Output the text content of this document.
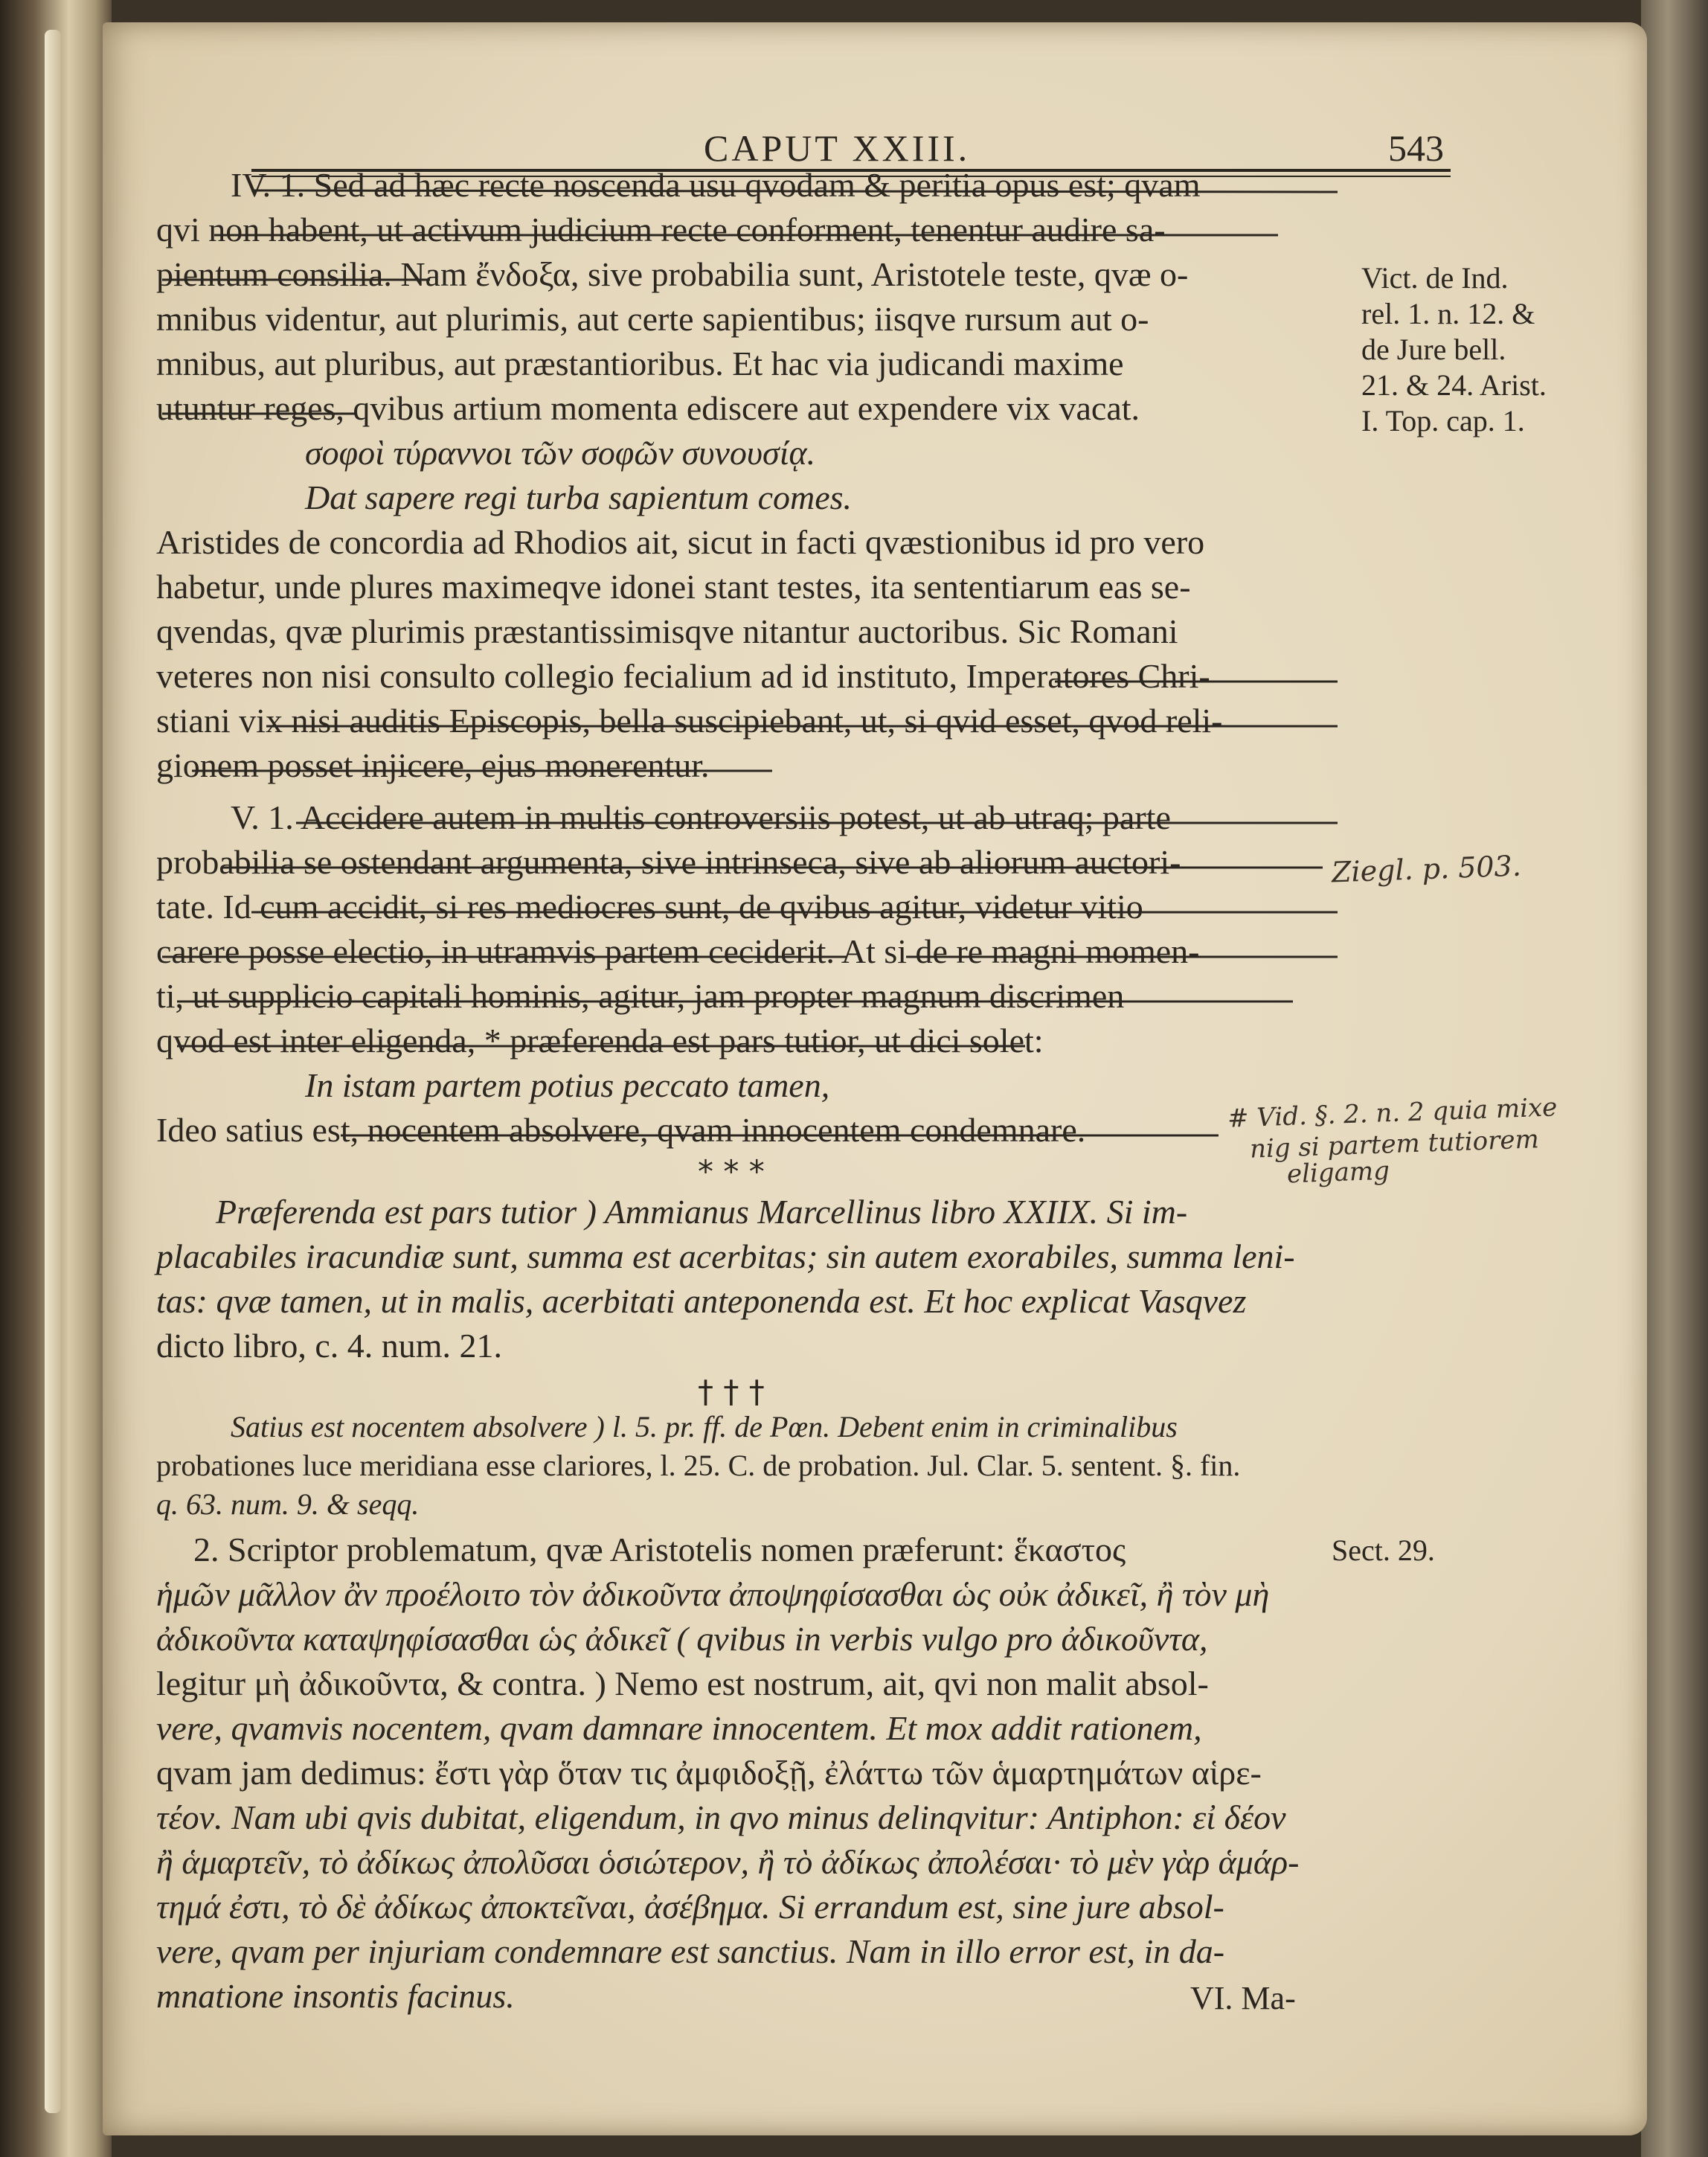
CAPUT XXIII.	543
IV. 1. Sed ad hæc recte noscenda usu qvodam & peritia opus est; qvam
qvi non habent, ut activum judicium recte conforment, tenentur audire sa-
pientum consilia. Nam ἔνδοξα, sive probabilia sunt, Aristotele teste, qvæ o-
mnibus videntur, aut plurimis, aut certe sapientibus; iisqve rursum aut o-
mnibus, aut pluribus, aut præstantioribus. Et hac via judicandi maxime
utuntur reges, qvibus artium momenta ediscere aut expendere vix vacat.
σοφοὶ τύραννοι τῶν σοφῶν συνουσίᾳ.
Dat sapere regi turba sapientum comes.
Aristides de concordia ad Rhodios ait, sicut in facti qvæstionibus id pro vero
habetur, unde plures maximeqve idonei stant testes, ita sententiarum eas se-
qvendas, qvæ plurimis præstantissimisqve nitantur auctoribus. Sic Romani
veteres non nisi consulto collegio fecialium ad id instituto, Imperatores Chri-
stiani vix nisi auditis Episcopis, bella suscipiebant, ut, si qvid esset, qvod reli-
gionem posset injicere, ejus monerentur.
V. 1. Accidere autem in multis controversiis potest, ut ab utraq; parte
probabilia se ostendant argumenta, sive intrinseca, sive ab aliorum auctori-
tate. Id cum accidit, si res mediocres sunt, de qvibus agitur, videtur vitio
carere posse electio, in utramvis partem ceciderit. At si de re magni momen-
ti, ut supplicio capitali hominis, agitur, jam propter magnum discrimen
qvod est inter eligenda, * præferenda est pars tutior, ut dici solet:
In istam partem potius peccato tamen,
Ideo satius est, nocentem absolvere, qvam innocentem condemnare.
* * *
Præferenda est pars tutior ) Ammianus Marcellinus libro XXIIX. Si im-
placabiles iracundiæ sunt, summa est acerbitas; sin autem exorabiles, summa leni-
tas: qvæ tamen, ut in malis, acerbitati anteponenda est. Et hoc explicat Vasqvez
dicto libro, c. 4. num. 21.
† † †
Satius est nocentem absolvere ) l. 5. pr. ff. de Pœn. Debent enim in criminalibus
probationes luce meridiana esse clariores, l. 25. C. de probation. Jul. Clar. 5. sentent. §. fin.
q. 63. num. 9. & seqq.
2. Scriptor problematum, qvæ Aristotelis nomen præferunt: ἕκαστος
ἡμῶν μᾶλλον ἂν προέλοιτο τὸν ἀδικοῦντα ἀποψηφίσασθαι ὡς οὐκ ἀδικεῖ, ἢ τὸν μὴ
ἀδικοῦντα καταψηφίσασθαι ὡς ἀδικεῖ ( qvibus in verbis vulgo pro ἀδικοῦντα,
legitur μὴ ἀδικοῦντα, & contra. ) Nemo est nostrum, ait, qvi non malit absol-
vere, qvamvis nocentem, qvam damnare innocentem. Et mox addit rationem,
qvam jam dedimus: ἔστι γὰρ ὅταν τις ἀμφιδοξῇ, ἐλάττω τῶν ἁμαρτημάτων αἱρε-
τέον. Nam ubi qvis dubitat, eligendum, in qvo minus delinqvitur: Antiphon: εἰ δέον
ἢ ἁμαρτεῖν, τὸ ἀδίκως ἀπολῦσαι ὁσιώτερον, ἢ τὸ ἀδίκως ἀπολέσαι· τὸ μὲν γὰρ ἁμάρ-
τημά ἐστι, τὸ δὲ ἀδίκως ἀποκτεῖναι, ἀσέβημα. Si errandum est, sine jure absol-
vere, qvam per injuriam condemnare est sanctius. Nam in illo error est, in da-
mnatione insontis facinus.	VI. Ma-
Vict. de Ind.
rel. 1. n. 12. &
de Jure bell.
21. & 24. Arist.
I. Top. cap. 1.
Sect. 29.
Ziegl. p. 503.
# Vid. §. 2. n. 2 quia mixe
nig si partem tutiorem
eligamg
